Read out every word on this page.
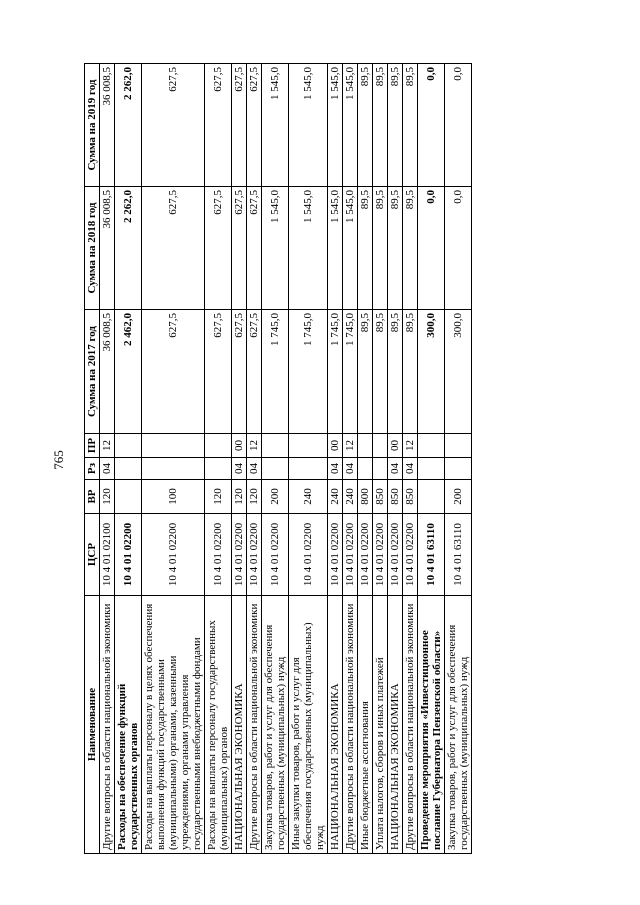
765
Наименование	ЦСР	ВР	Рз	ПР	Сумма на 2017 год	Сумма на 2018 год	Сумма на 2019 год
Другие вопросы в области национальной экономики	10 4 01 02100	120	04	12	36 008,5	36 008,5	36 008,5
Расходы на обеспечение функций государственных органов	10 4 01 02200				2 462,0	2 262,0	2 262,0
Расходы на выплаты персоналу в целях обеспечения выполнения функций государственными (муниципальными) органами, казенными учреждениями, органами управления государственными внебюджетными фондами	10 4 01 02200	100			627,5	627,5	627,5
Расходы на выплаты персоналу государственных (муниципальных) органов	10 4 01 02200	120			627,5	627,5	627,5
НАЦИОНАЛЬНАЯ ЭКОНОМИКА	10 4 01 02200	120	04	00	627,5	627,5	627,5
Другие вопросы в области национальной экономики	10 4 01 02200	120	04	12	627,5	627,5	627,5
Закупка товаров, работ и услуг для обеспечения государственных (муниципальных) нужд	10 4 01 02200	200			1 745,0	1 545,0	1 545,0
Иные закупки товаров, работ и услуг для обеспечения государственных (муниципальных) нужд	10 4 01 02200	240			1 745,0	1 545,0	1 545,0
НАЦИОНАЛЬНАЯ ЭКОНОМИКА	10 4 01 02200	240	04	00	1 745,0	1 545,0	1 545,0
Другие вопросы в области национальной экономики	10 4 01 02200	240	04	12	1 745,0	1 545,0	1 545,0
Иные бюджетные ассигнования	10 4 01 02200	800			89,5	89,5	89,5
Уплата налогов, сборов и иных платежей	10 4 01 02200	850			89,5	89,5	89,5
НАЦИОНАЛЬНАЯ ЭКОНОМИКА	10 4 01 02200	850	04	00	89,5	89,5	89,5
Другие вопросы в области национальной экономики	10 4 01 02200	850	04	12	89,5	89,5	89,5
Проведение мероприятия «Инвестиционное послание Губернатора Пензенской области»	10 4 01 63110				300,0	0,0	0,0
Закупка товаров, работ и услуг для обеспечения государственных (муниципальных) нужд	10 4 01 63110	200			300,0	0,0	0,0
